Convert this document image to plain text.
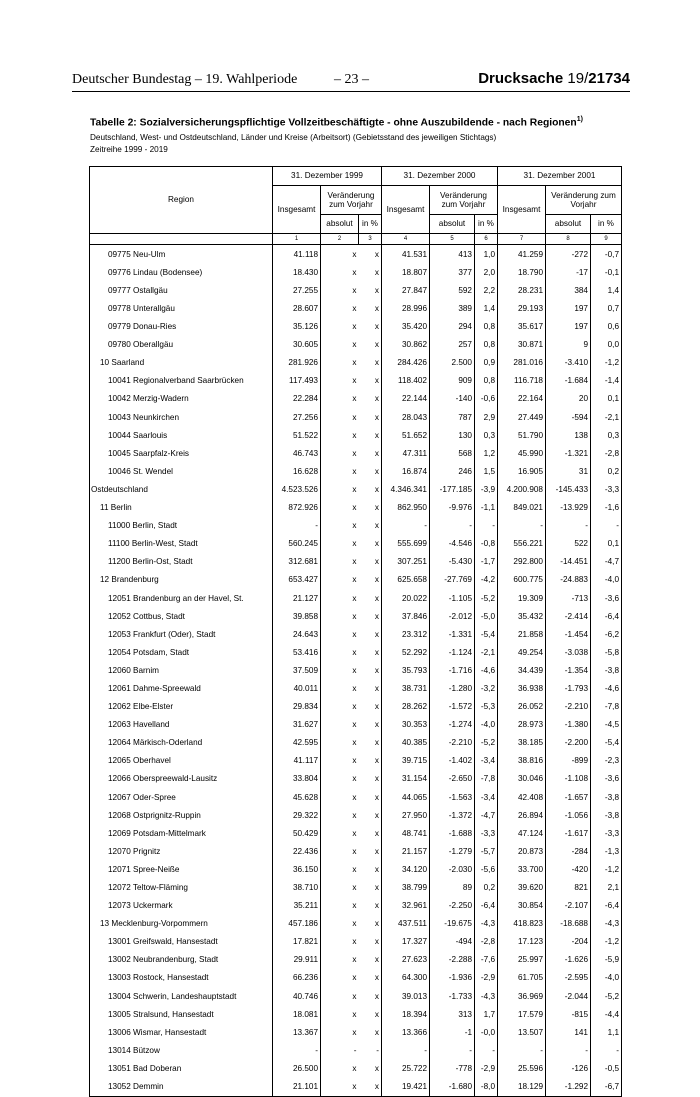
Deutscher Bundestag – 19. Wahlperiode	– 23 –	Drucksache 19/21734
Tabelle 2: Sozialversicherungspflichtige Vollzeitbeschäftigte - ohne Auszubildende - nach Regionen$^{1)}$
Deutschland, West- und Ostdeutschland, Länder und Kreise (Arbeitsort) (Gebietsstand des jeweiligen Stichtags)
Zeitreihe 1999 - 2019
Region	31. Dezember 1999			31. Dezember 2000			31. Dezember 2001		
	Insgesamt	Veränderung zum Vorjahr		Insgesamt	Veränderung zum Vorjahr		Insgesamt	Veränderung zum Vorjahr	
		absolut	in %		absolut	in %		absolut	in %
	1	2	3	4	5	6	7	8	9
09775 Neu-Ulm	41.118	x	x	41.531	413	1,0	41.259	-272	-0,7
09776 Lindau (Bodensee)	18.430	x	x	18.807	377	2,0	18.790	-17	-0,1
09777 Ostallgäu	27.255	x	x	27.847	592	2,2	28.231	384	1,4
09778 Unterallgäu	28.607	x	x	28.996	389	1,4	29.193	197	0,7
09779 Donau-Ries	35.126	x	x	35.420	294	0,8	35.617	197	0,6
09780 Oberallgäu	30.605	x	x	30.862	257	0,8	30.871	9	0,0
10 Saarland	281.926	x	x	284.426	2.500	0,9	281.016	-3.410	-1,2
10041 Regionalverband Saarbrücken	117.493	x	x	118.402	909	0,8	116.718	-1.684	-1,4
10042 Merzig-Wadern	22.284	x	x	22.144	-140	-0,6	22.164	20	0,1
10043 Neunkirchen	27.256	x	x	28.043	787	2,9	27.449	-594	-2,1
10044 Saarlouis	51.522	x	x	51.652	130	0,3	51.790	138	0,3
10045 Saarpfalz-Kreis	46.743	x	x	47.311	568	1,2	45.990	-1.321	-2,8
10046 St. Wendel	16.628	x	x	16.874	246	1,5	16.905	31	0,2
Ostdeutschland	4.523.526	x	x	4.346.341	-177.185	-3,9	4.200.908	-145.433	-3,3
11 Berlin	872.926	x	x	862.950	-9.976	-1,1	849.021	-13.929	-1,6
11000 Berlin, Stadt	-	x	x	-	-	-	-	-	-
11100 Berlin-West, Stadt	560.245	x	x	555.699	-4.546	-0,8	556.221	522	0,1
11200 Berlin-Ost, Stadt	312.681	x	x	307.251	-5.430	-1,7	292.800	-14.451	-4,7
12 Brandenburg	653.427	x	x	625.658	-27.769	-4,2	600.775	-24.883	-4,0
12051 Brandenburg an der Havel, St.	21.127	x	x	20.022	-1.105	-5,2	19.309	-713	-3,6
12052 Cottbus, Stadt	39.858	x	x	37.846	-2.012	-5,0	35.432	-2.414	-6,4
12053 Frankfurt (Oder), Stadt	24.643	x	x	23.312	-1.331	-5,4	21.858	-1.454	-6,2
12054 Potsdam, Stadt	53.416	x	x	52.292	-1.124	-2,1	49.254	-3.038	-5,8
12060 Barnim	37.509	x	x	35.793	-1.716	-4,6	34.439	-1.354	-3,8
12061 Dahme-Spreewald	40.011	x	x	38.731	-1.280	-3,2	36.938	-1.793	-4,6
12062 Elbe-Elster	29.834	x	x	28.262	-1.572	-5,3	26.052	-2.210	-7,8
12063 Havelland	31.627	x	x	30.353	-1.274	-4,0	28.973	-1.380	-4,5
12064 Märkisch-Oderland	42.595	x	x	40.385	-2.210	-5,2	38.185	-2.200	-5,4
12065 Oberhavel	41.117	x	x	39.715	-1.402	-3,4	38.816	-899	-2,3
12066 Oberspreewald-Lausitz	33.804	x	x	31.154	-2.650	-7,8	30.046	-1.108	-3,6
12067 Oder-Spree	45.628	x	x	44.065	-1.563	-3,4	42.408	-1.657	-3,8
12068 Ostprignitz-Ruppin	29.322	x	x	27.950	-1.372	-4,7	26.894	-1.056	-3,8
12069 Potsdam-Mittelmark	50.429	x	x	48.741	-1.688	-3,3	47.124	-1.617	-3,3
12070 Prignitz	22.436	x	x	21.157	-1.279	-5,7	20.873	-284	-1,3
12071 Spree-Neiße	36.150	x	x	34.120	-2.030	-5,6	33.700	-420	-1,2
12072 Teltow-Fläming	38.710	x	x	38.799	89	0,2	39.620	821	2,1
12073 Uckermark	35.211	x	x	32.961	-2.250	-6,4	30.854	-2.107	-6,4
13 Mecklenburg-Vorpommern	457.186	x	x	437.511	-19.675	-4,3	418.823	-18.688	-4,3
13001 Greifswald, Hansestadt	17.821	x	x	17.327	-494	-2,8	17.123	-204	-1,2
13002 Neubrandenburg, Stadt	29.911	x	x	27.623	-2.288	-7,6	25.997	-1.626	-5,9
13003 Rostock, Hansestadt	66.236	x	x	64.300	-1.936	-2,9	61.705	-2.595	-4,0
13004 Schwerin, Landeshauptstadt	40.746	x	x	39.013	-1.733	-4,3	36.969	-2.044	-5,2
13005 Stralsund, Hansestadt	18.081	x	x	18.394	313	1,7	17.579	-815	-4,4
13006 Wismar, Hansestadt	13.367	x	x	13.366	-1	-0,0	13.507	141	1,1
13014 Bützow	-	-	-	-	-	-	-	-	-
13051 Bad Doberan	26.500	x	x	25.722	-778	-2,9	25.596	-126	-0,5
13052 Demmin	21.101	x	x	19.421	-1.680	-8,0	18.129	-1.292	-6,7
